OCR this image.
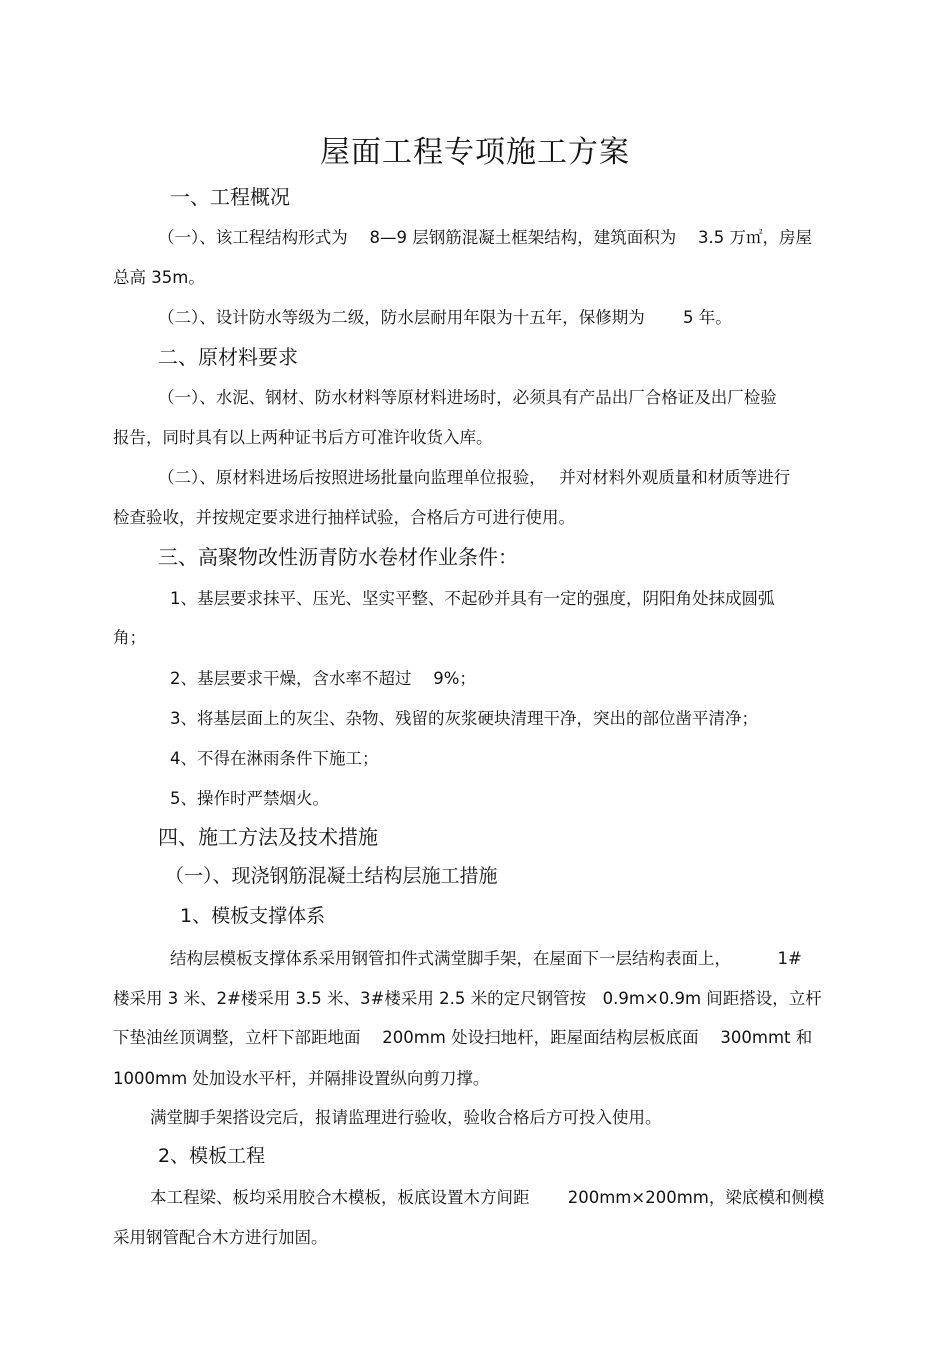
屋面工程专项施工方案
一、工程概况
（一）、该工程结构形式为　 8—9 层钢筋混凝土框架结构，建筑面积为　 3.5 万㎡，房屋
总高 35m。
（二）、设计防水等级为二级，防水层耐用年限为十五年，保修期为　　 5 年。
二、原材料要求
（一）、水泥、钢材、防水材料等原材料进场时，必须具有产品出厂合格证及出厂检验
报告，同时具有以上两种证书后方可准许收货入库。
（二）、原材料进场后按照进场批量向监理单位报验，　 并对材料外观质量和材质等进行
检查验收，并按规定要求进行抽样试验，合格后方可进行使用。
三、高聚物改性沥青防水卷材作业条件：
1、基层要求抹平、压光、坚实平整、不起砂并具有一定的强度，阴阳角处抹成圆弧
角；
2、基层要求干燥，含水率不超过　 9%；
3、将基层面上的灰尘、杂物、残留的灰浆硬块清理干净，突出的部位凿平清净；
4、不得在淋雨条件下施工；
5、操作时严禁烟火。
四、施工方法及技术措施
（一）、现浇钢筋混凝土结构层施工措施
1、模板支撑体系
结构层模板支撑体系采用钢管扣件式满堂脚手架，在屋面下一层结构表面上，　　　 1#
楼采用 3 米、2#楼采用 3.5 米、3#楼采用 2.5 米的定尺钢管按　0.9m×0.9m 间距搭设，立杆
下垫油丝顶调整，立杆下部距地面　 200mm 处设扫地杆，距屋面结构层板底面　 300mmt 和
1000mm 处加设水平杆，并隔排设置纵向剪刀撑。
满堂脚手架搭设完后，报请监理进行验收，验收合格后方可投入使用。
2、模板工程
本工程梁、板均采用胶合木模板，板底设置木方间距　　 200mm×200mm，梁底模和侧模
采用钢管配合木方进行加固。
